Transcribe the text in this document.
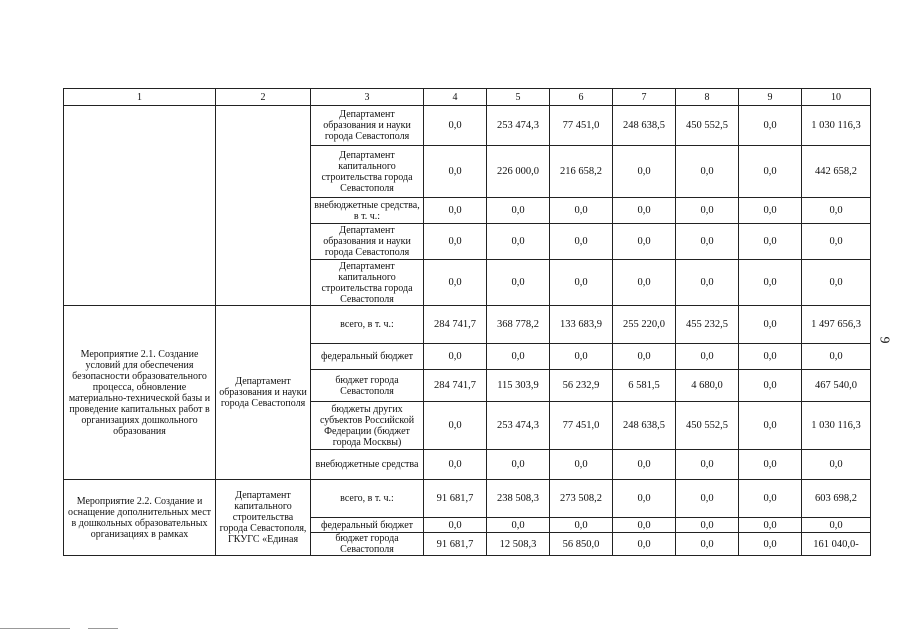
1	2	3	4	5	6	7	8	9	10
		Департамент образования и науки города Севастополя	0,0	253 474,3	77 451,0	248 638,5	450 552,5	0,0	1 030 116,3
		Департамент капитального строительства города Севастополя	0,0	226 000,0	216 658,2	0,0	0,0	0,0	442 658,2
		внебюджетные средства, в т. ч.:	0,0	0,0	0,0	0,0	0,0	0,0	0,0
		Департамент образования и науки города Севастополя	0,0	0,0	0,0	0,0	0,0	0,0	0,0
		Департамент капитального строительства города Севастополя	0,0	0,0	0,0	0,0	0,0	0,0	0,0
Мероприятие 2.1. Создание условий для обеспечения безопасности образовательного процесса, обновление материально-технической базы и проведение капитальных работ в организациях дошкольного образования	Департамент образования и науки города Севастополя	всего, в т. ч.:	284 741,7	368 778,2	133 683,9	255 220,0	455 232,5	0,0	1 497 656,3
		федеральный бюджет	0,0	0,0	0,0	0,0	0,0	0,0	0,0
		бюджет города Севастополя	284 741,7	115 303,9	56 232,9	6 581,5	4 680,0	0,0	467 540,0
		бюджеты других субъектов Российской Федерации (бюджет города Москвы)	0,0	253 474,3	77 451,0	248 638,5	450 552,5	0,0	1 030 116,3
		внебюджетные средства	0,0	0,0	0,0	0,0	0,0	0,0	0,0
Мероприятие 2.2. Создание и оснащение дополнительных мест в дошкольных образовательных организациях в рамках	Департамент капитального строительства города Севастополя, ГКУГС «Единая	всего, в т. ч.:	91 681,7	238 508,3	273 508,2	0,0	0,0	0,0	603 698,2
		федеральный бюджет	0,0	0,0	0,0	0,0	0,0	0,0	0,0
		бюджет города Севастополя	91 681,7	12 508,3	56 850,0	0,0	0,0	0,0	161 040,0-
9
